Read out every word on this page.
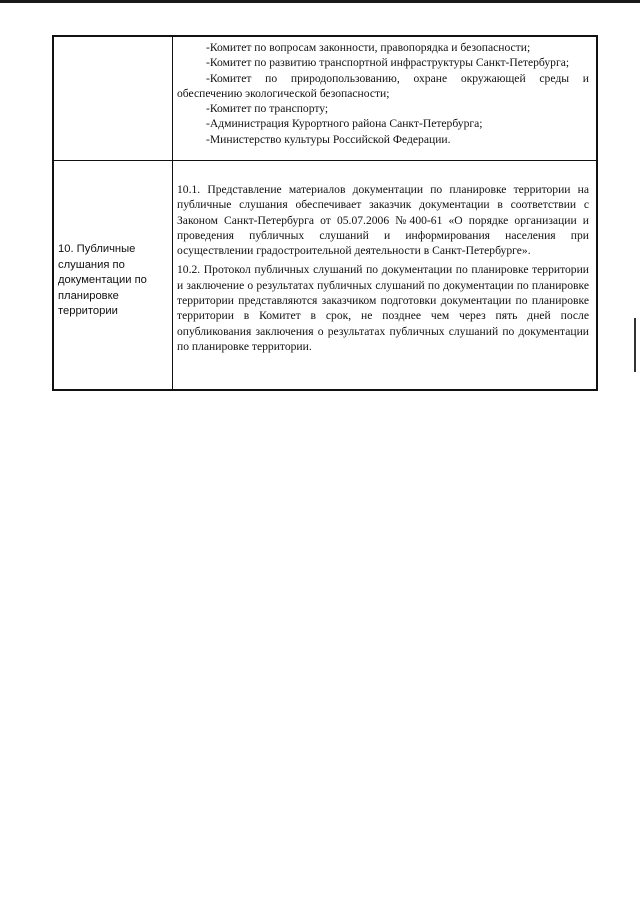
-Комитет по вопросам законности, правопорядка и безопасности;

-Комитет по развитию транспортной инфраструктуры Санкт-Петербурга;

-Комитет по природопользованию, охране окружающей среды и обеспечению экологической безопасности;

-Комитет по транспорту;

-Администрация Курортного района Санкт-Петербурга;

-Министерство культуры Российской Федерации.

10. Публичные слушания по документации по планировке территории

10.1. Представление материалов документации по планировке территории на публичные слушания обеспечивает заказчик документации в соответствии с Законом Санкт-Петербурга от 05.07.2006 №400-61 «О порядке организации и проведения публичных слушаний и информирования населения при осуществлении градостроительной деятельности в Санкт-Петербурге».

10.2. Протокол публичных слушаний по документации по планировке территории и заключение о результатах публичных слушаний по документации по планировке территории представляются заказчиком подготовки документации по планировке территории в Комитет в срок, не позднее чем через пять дней после опубликования заключения о результатах публичных слушаний по документации по планировке территории.
